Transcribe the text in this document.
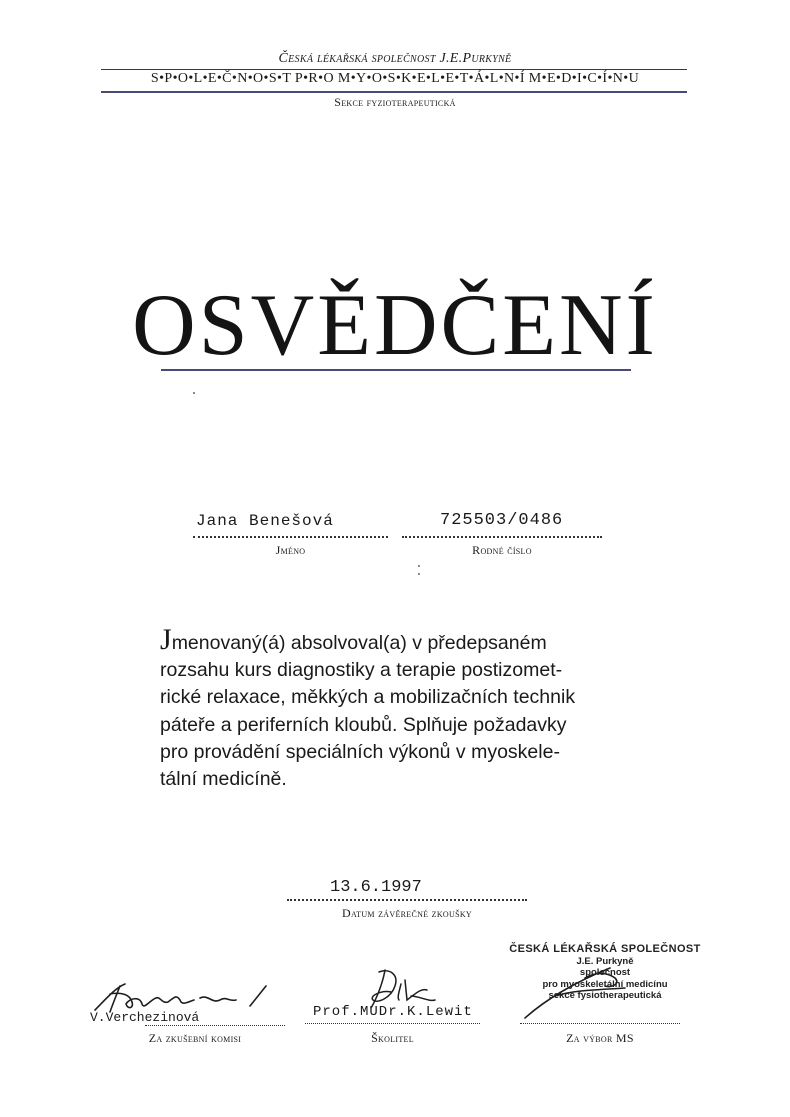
Česká lékařská společnost J.E.Purkyně
S•P•O•L•E•Č•N•O•S•T P•R•O M•Y•O•S•K•E•L•E•T•Á•L•N•Í M•E•D•I•C•Í•N•U
Sekce fyzioterapeutická
OSVĚDČENÍ
Jana Benešová
Jméno
725503/0486
Rodné číslo
Jmenovaný(á) absolvoval(a) v předepsaném
rozsahu kurs diagnostiky a terapie postizomet-
rické relaxace, měkkých a mobilizačních technik
páteře a periferních kloubů. Splňuje požadavky
pro provádění speciálních výkonů v myoskele-
tální medicíně.
13.6.1997
Datum závěrečné zkoušky
ČESKÁ LÉKAŘSKÁ SPOLEČNOST
J.E. Purkyně
společnost
pro myoskeletální medicínu
sekce fysiotherapeutická
V.Verchezinová
Za zkušební komisi
Prof.MUDr.K.Lewit
Školitel	Za výbor MS
